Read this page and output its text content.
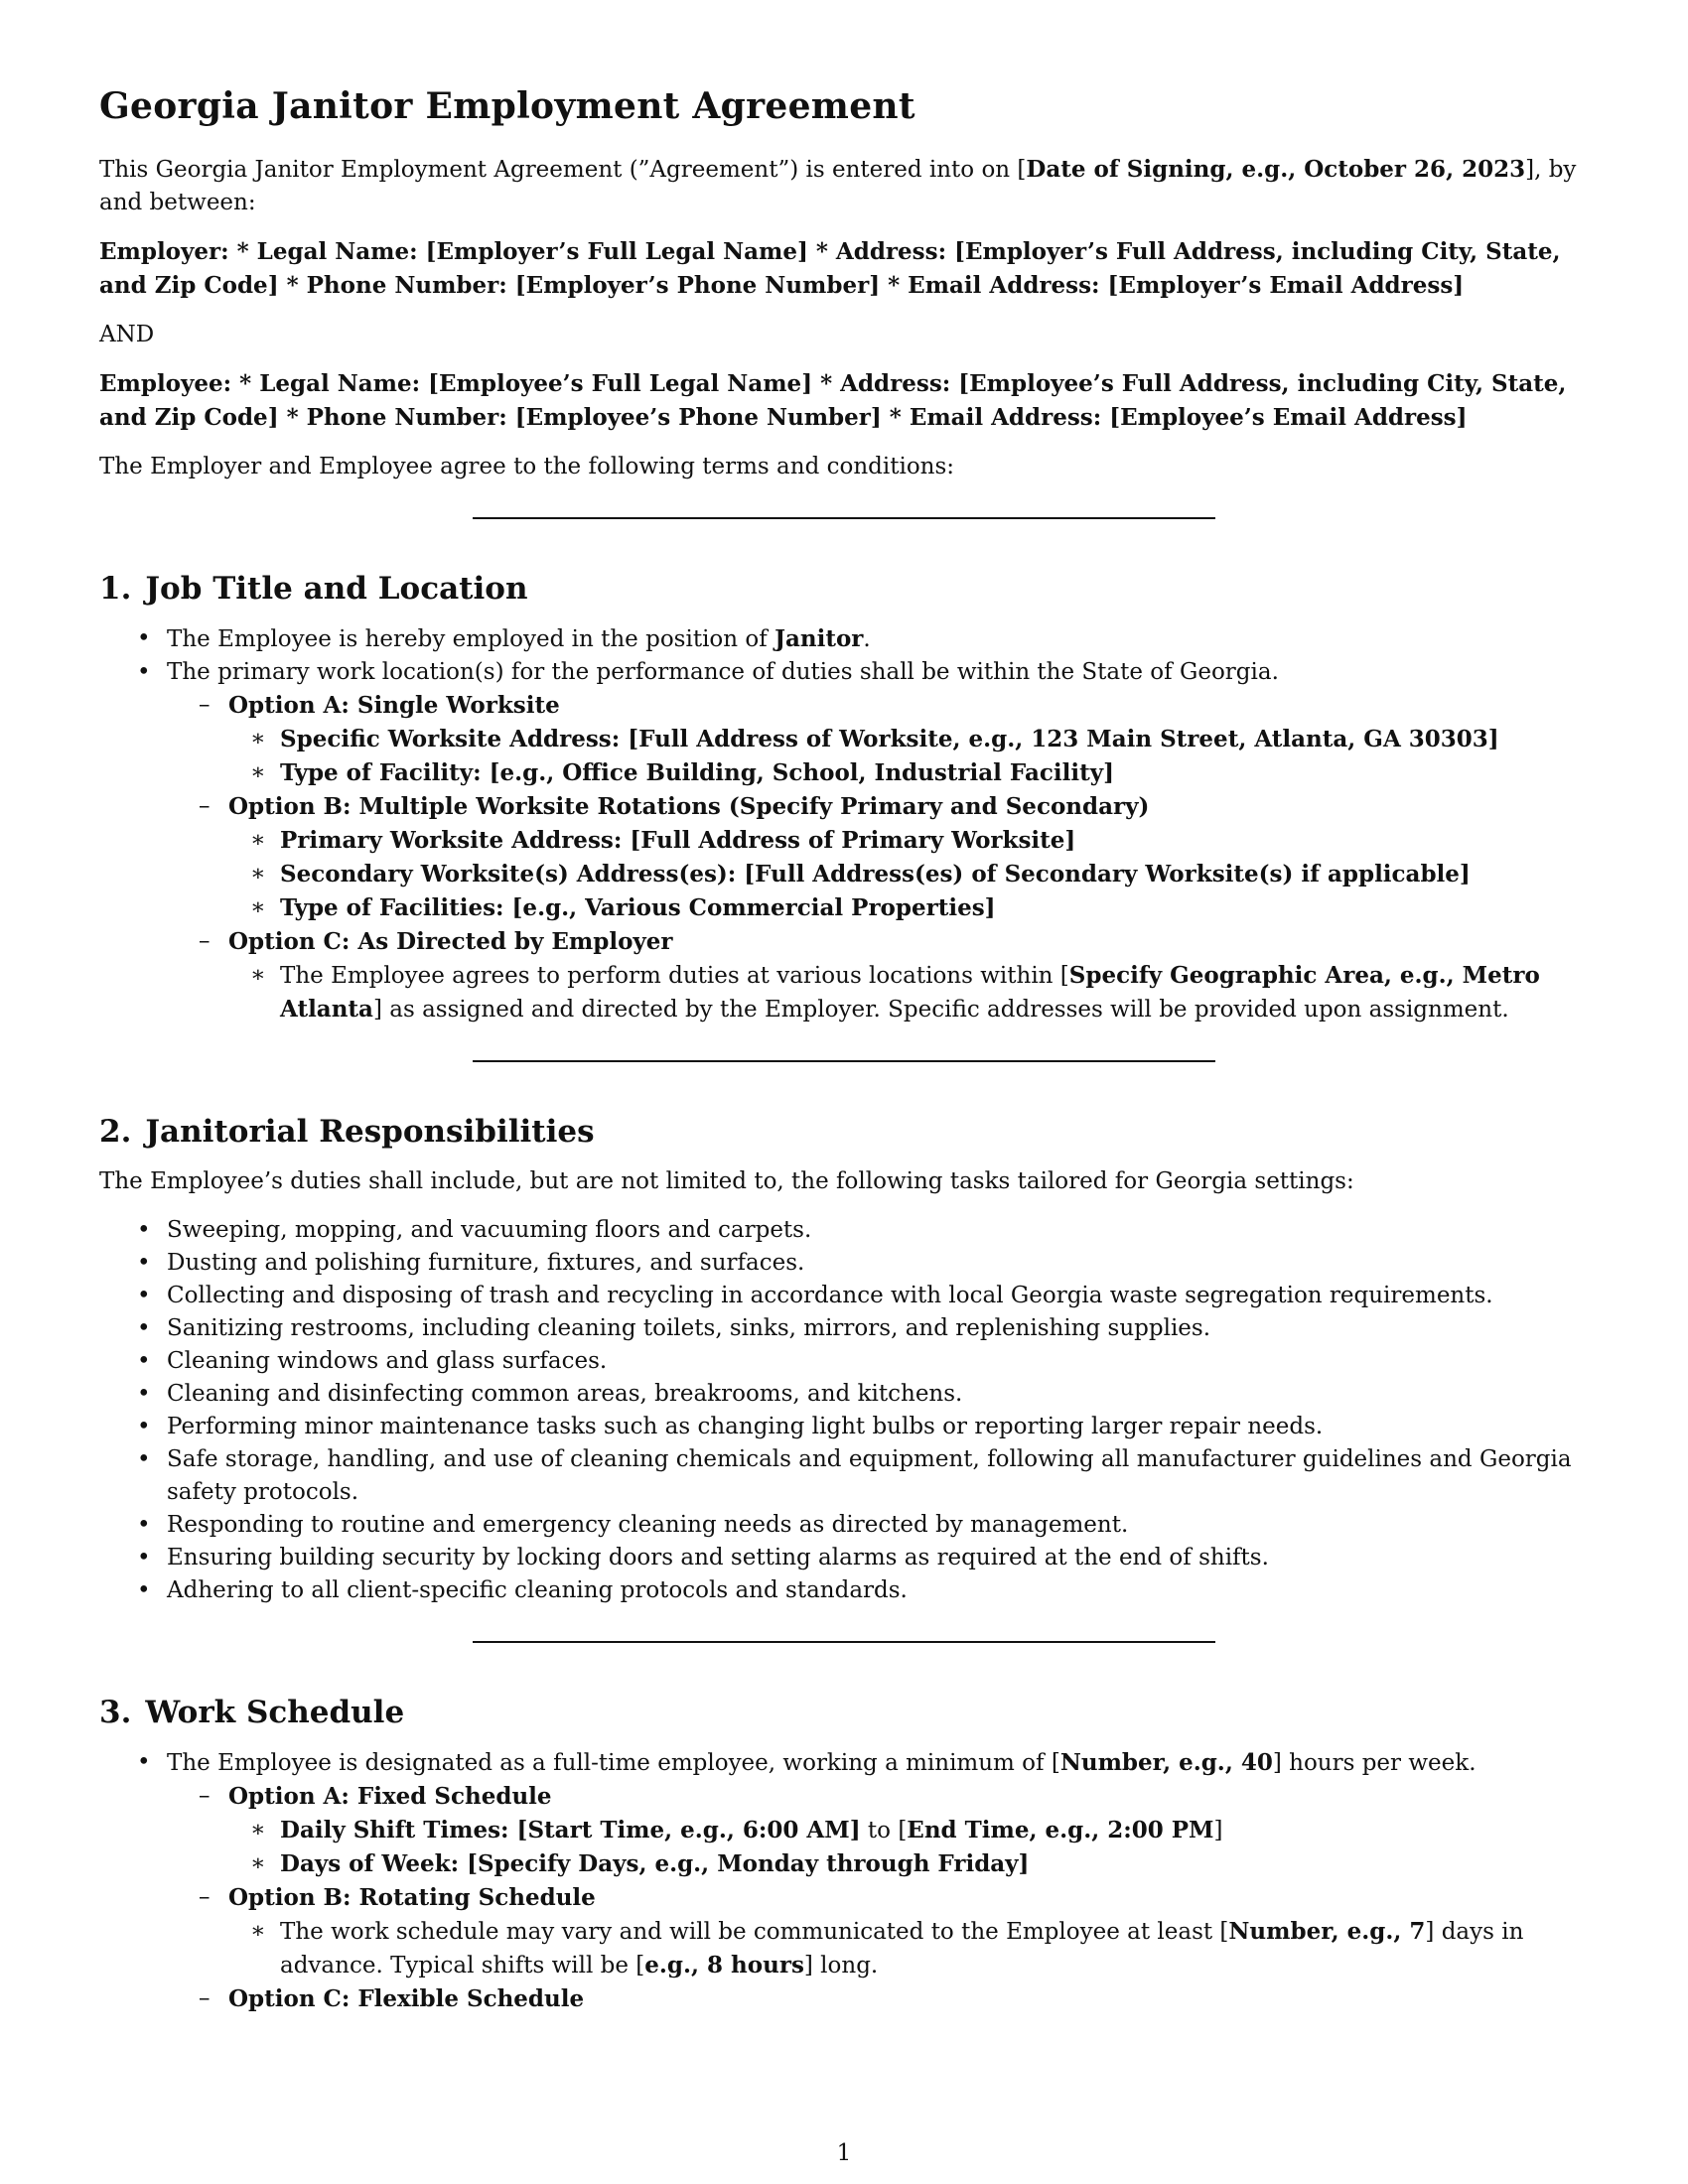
Georgia Janitor Employment Agreement

This Georgia Janitor Employment Agreement (”Agreement”) is entered into on [Date of Signing, e.g., October 26, 2023], by and between:

Employer: * Legal Name: [Employer’s Full Legal Name] * Address: [Employer’s Full Address, including City, State, and Zip Code] * Phone Number: [Employer’s Phone Number] * Email Address: [Employer’s Email Address]

AND

Employee: * Legal Name: [Employee’s Full Legal Name] * Address: [Employee’s Full Address, including City, State, and Zip Code] * Phone Number: [Employee’s Phone Number] * Email Address: [Employee’s Email Address]

The Employer and Employee agree to the following terms and conditions:

1. Job Title and Location
• The Employee is hereby employed in the position of Janitor.
• The primary work location(s) for the performance of duties shall be within the State of Georgia.
– Option A: Single Worksite
∗ Specific Worksite Address: [Full Address of Worksite, e.g., 123 Main Street, Atlanta, GA 30303]
∗ Type of Facility: [e.g., Office Building, School, Industrial Facility]
– Option B: Multiple Worksite Rotations (Specify Primary and Secondary)
∗ Primary Worksite Address: [Full Address of Primary Worksite]
∗ Secondary Worksite(s) Address(es): [Full Address(es) of Secondary Worksite(s) if applicable]
∗ Type of Facilities: [e.g., Various Commercial Properties]
– Option C: As Directed by Employer
∗ The Employee agrees to perform duties at various locations within [Specify Geographic Area, e.g., Metro Atlanta] as assigned and directed by the Employer. Specific addresses will be provided upon assignment.
2. Janitorial Responsibilities

The Employee’s duties shall include, but are not limited to, the following tasks tailored for Georgia settings:

• Sweeping, mopping, and vacuuming floors and carpets.
• Dusting and polishing furniture, fixtures, and surfaces.
• Collecting and disposing of trash and recycling in accordance with local Georgia waste segregation requirements.
• Sanitizing restrooms, including cleaning toilets, sinks, mirrors, and replenishing supplies.
• Cleaning windows and glass surfaces.
• Cleaning and disinfecting common areas, breakrooms, and kitchens.
• Performing minor maintenance tasks such as changing light bulbs or reporting larger repair needs.
• Safe storage, handling, and use of cleaning chemicals and equipment, following all manufacturer guidelines and Georgia safety protocols.
• Responding to routine and emergency cleaning needs as directed by management.
• Ensuring building security by locking doors and setting alarms as required at the end of shifts.
• Adhering to all client-specific cleaning protocols and standards.
3. Work Schedule
• The Employee is designated as a full-time employee, working a minimum of [Number, e.g., 40] hours per week.
– Option A: Fixed Schedule
∗ Daily Shift Times: [Start Time, e.g., 6:00 AM] to [End Time, e.g., 2:00 PM]
∗ Days of Week: [Specify Days, e.g., Monday through Friday]
– Option B: Rotating Schedule
∗ The work schedule may vary and will be communicated to the Employee at least [Number, e.g., 7] days in advance. Typical shifts will be [e.g., 8 hours] long.
– Option C: Flexible Schedule
1
